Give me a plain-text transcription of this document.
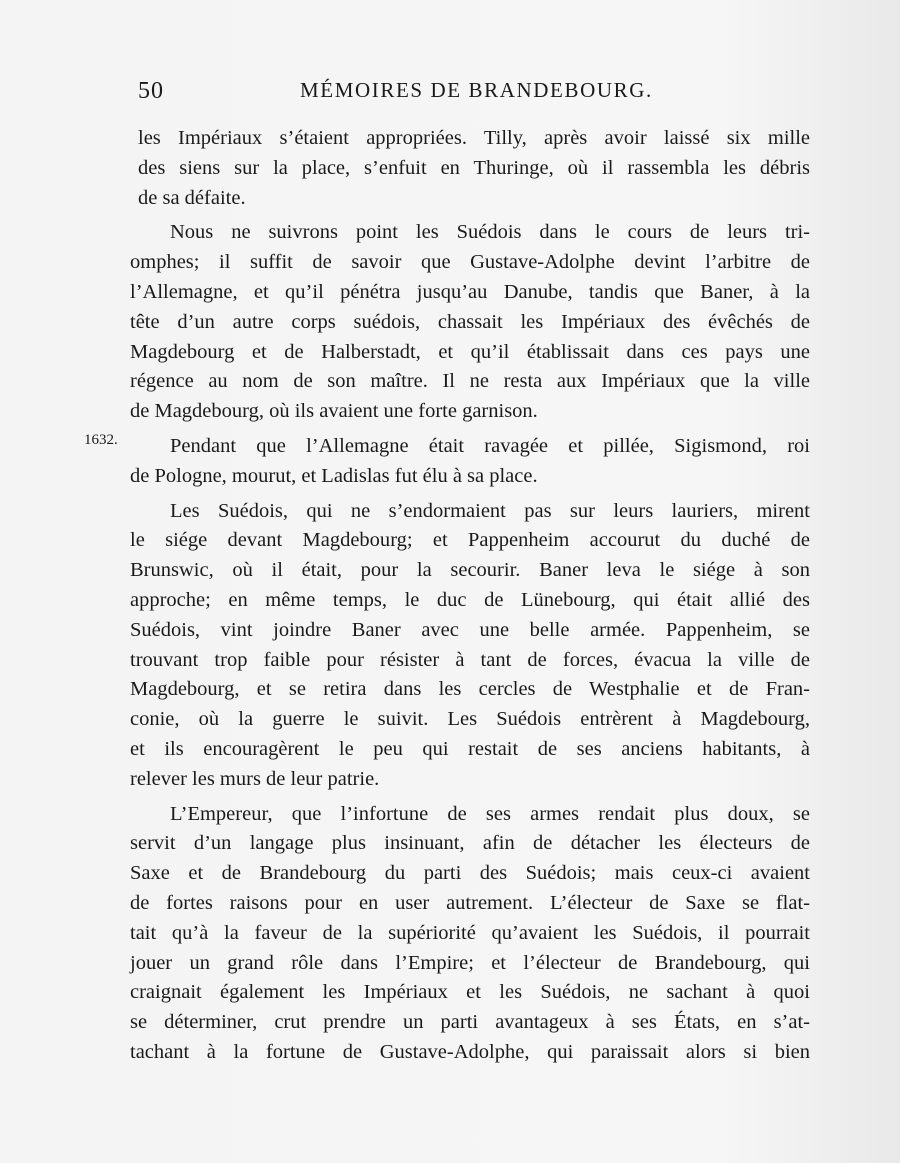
50	MÉMOIRES DE BRANDEBOURG.
1632.

les Impériaux s’étaient appropriées. Tilly, après avoir laissé six mille
des siens sur la place, s’enfuit en Thuringe, où il rassembla les débris
de sa défaite.

Nous ne suivrons point les Suédois dans le cours de leurs tri-
omphes; il suffit de savoir que Gustave-Adolphe devint l’arbitre de
l’Allemagne, et qu’il pénétra jusqu’au Danube, tandis que Baner, à la
tête d’un autre corps suédois, chassait les Impériaux des évêchés de
Magdebourg et de Halberstadt, et qu’il établissait dans ces pays une
régence au nom de son maître. Il ne resta aux Impériaux que la ville
de Magdebourg, où ils avaient une forte garnison.

Pendant que l’Allemagne était ravagée et pillée, Sigismond, roi
de Pologne, mourut, et Ladislas fut élu à sa place.

Les Suédois, qui ne s’endormaient pas sur leurs lauriers, mirent
le siége devant Magdebourg; et Pappenheim accourut du duché de
Brunswic, où il était, pour la secourir. Baner leva le siége à son
approche; en même temps, le duc de Lünebourg, qui était allié des
Suédois, vint joindre Baner avec une belle armée. Pappenheim, se
trouvant trop faible pour résister à tant de forces, évacua la ville de
Magdebourg, et se retira dans les cercles de Westphalie et de Fran-
conie, où la guerre le suivit. Les Suédois entrèrent à Magdebourg,
et ils encouragèrent le peu qui restait de ses anciens habitants, à
relever les murs de leur patrie.

L’Empereur, que l’infortune de ses armes rendait plus doux, se
servit d’un langage plus insinuant, afin de détacher les électeurs de
Saxe et de Brandebourg du parti des Suédois; mais ceux-ci avaient
de fortes raisons pour en user autrement. L’électeur de Saxe se flat-
tait qu’à la faveur de la supériorité qu’avaient les Suédois, il pourrait
jouer un grand rôle dans l’Empire; et l’électeur de Brandebourg, qui
craignait également les Impériaux et les Suédois, ne sachant à quoi
se déterminer, crut prendre un parti avantageux à ses États, en s’at-
tachant à la fortune de Gustave-Adolphe, qui paraissait alors si bien
